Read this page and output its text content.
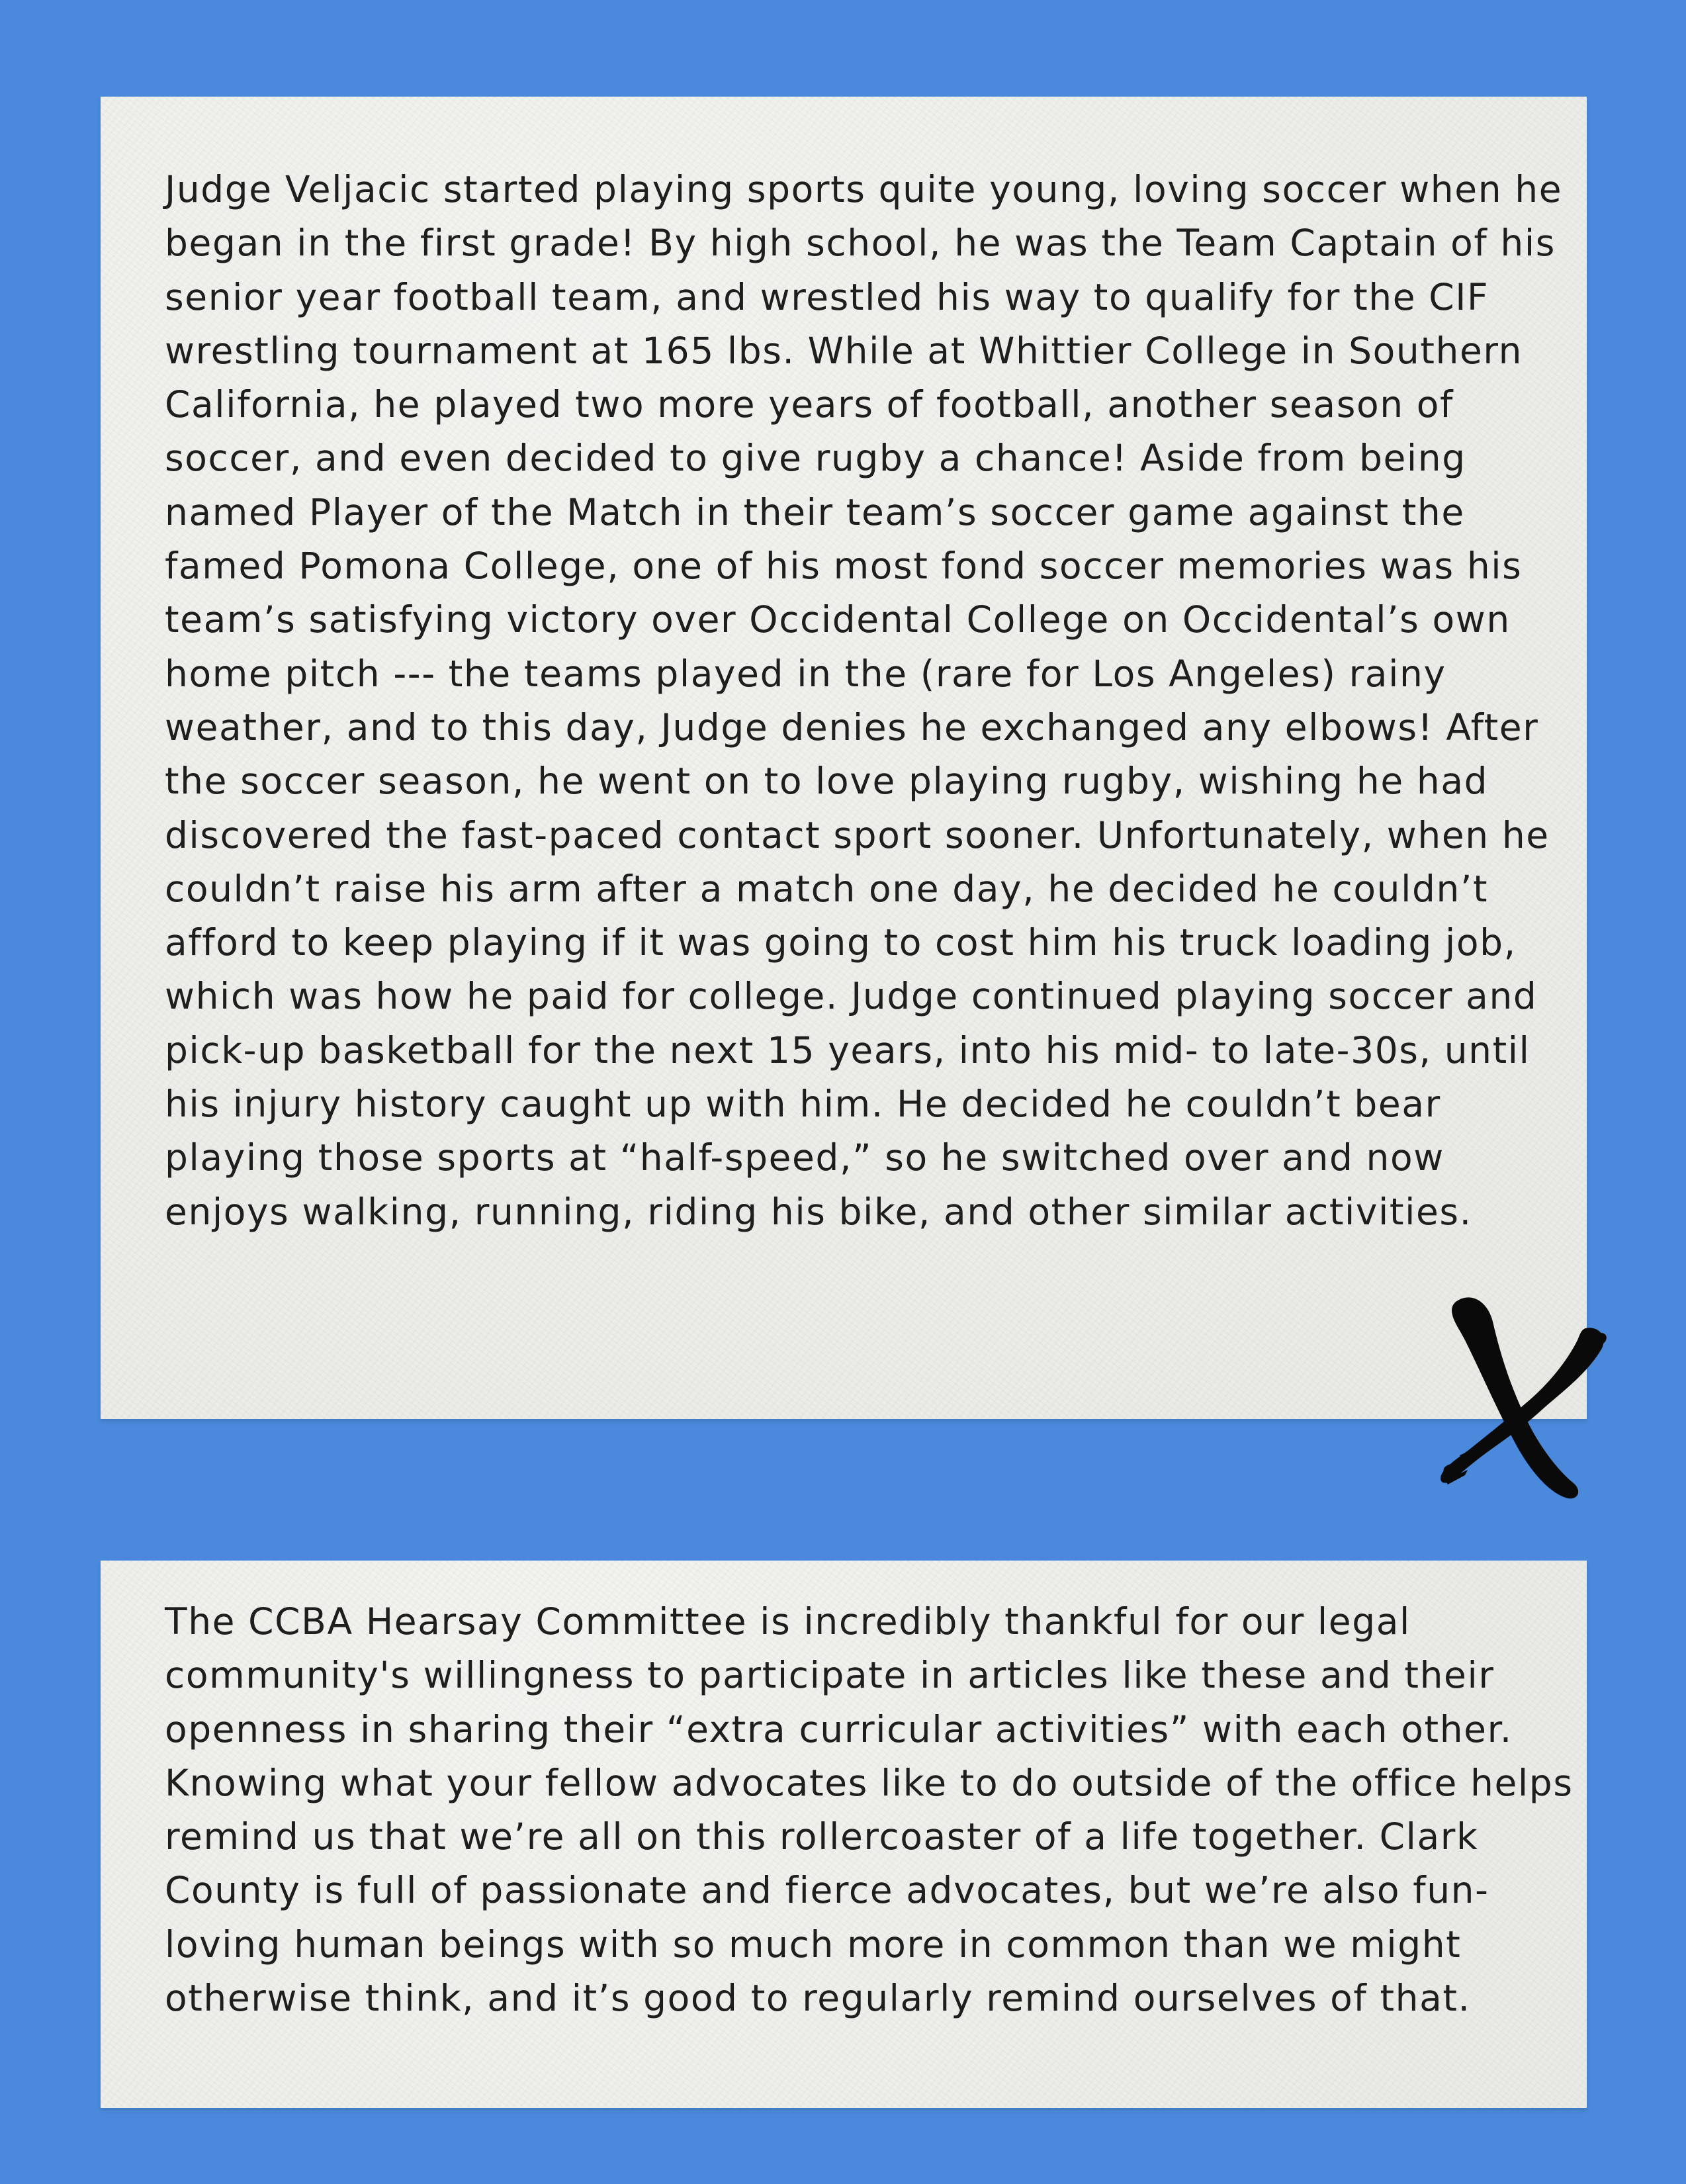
Judge Veljacic started playing sports quite young, loving soccer when he began in the first grade! By high school, he was the Team Captain of his senior year football team, and wrestled his way to qualify for the CIF wrestling tournament at 165 lbs. While at Whittier College in Southern California, he played two more years of football, another season of soccer, and even decided to give rugby a chance! Aside from being named Player of the Match in their team’s soccer game against the famed Pomona College, one of his most fond soccer memories was his team’s satisfying victory over Occidental College on Occidental’s own home pitch --- the teams played in the (rare for Los Angeles) rainy weather, and to this day, Judge denies he exchanged any elbows! After the soccer season, he went on to love playing rugby, wishing he had discovered the fast-paced contact sport sooner. Unfortunately, when he couldn’t raise his arm after a match one day, he decided he couldn’t afford to keep playing if it was going to cost him his truck loading job, which was how he paid for college. Judge continued playing soccer and pick-up basketball for the next 15 years, into his mid- to late-30s, until his injury history caught up with him. He decided he couldn’t bear playing those sports at “half-speed,” so he switched over and now enjoys walking, running, riding his bike, and other similar activities.

The CCBA Hearsay Committee is incredibly thankful for our legal community's willingness to participate in articles like these and their openness in sharing their “extra curricular activities” with each other. Knowing what your fellow advocates like to do outside of the office helps remind us that we’re all on this rollercoaster of a life together. Clark County is full of passionate and fierce advocates, but we’re also fun-loving human beings with so much more in common than we might otherwise think, and it’s good to regularly remind ourselves of that.
